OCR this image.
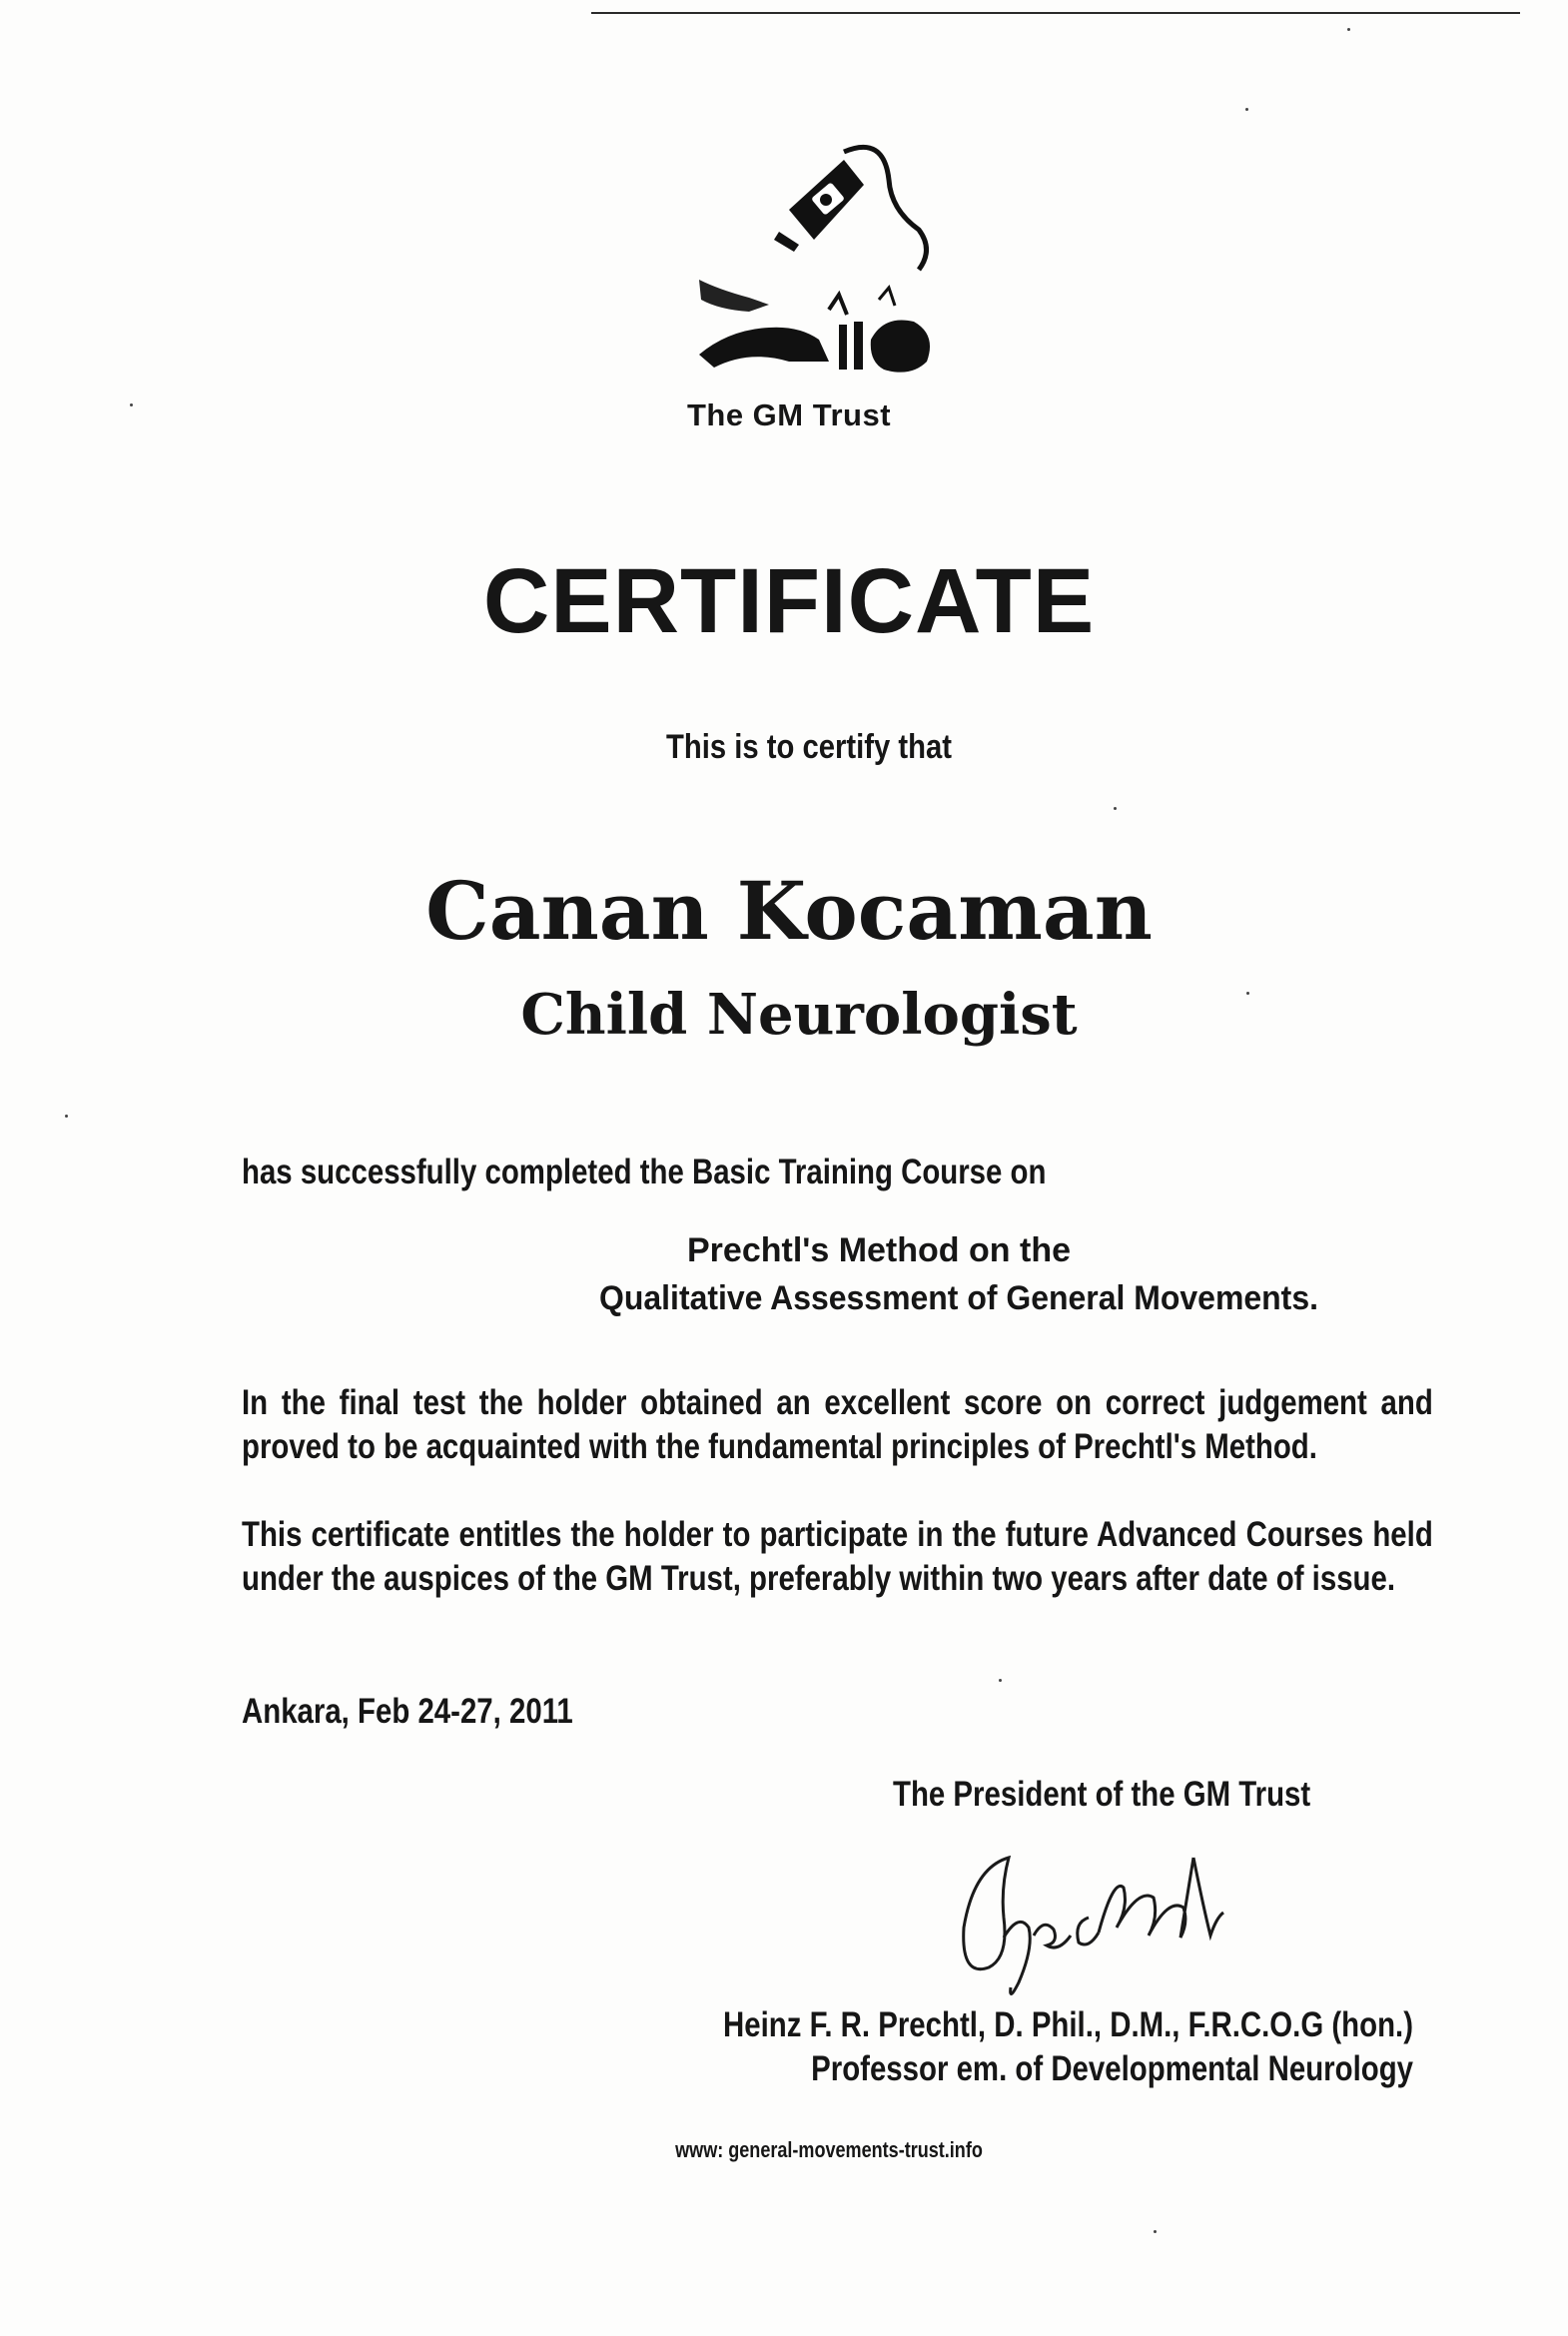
The GM Trust
CERTIFICATE
This is to certify that
Canan Kocaman
Child Neurologist
has successfully completed the Basic Training Course on
Prechtl's Method on the
Qualitative Assessment of General Movements.
In the final test the holder obtained an excellent score on correct judgement and proved to be acquainted with the fundamental principles of Prechtl's Method.
This certificate entitles the holder to participate in the future Advanced Courses held under the auspices of the GM Trust, preferably within two years after date of issue.
Ankara, Feb 24-27, 2011
The President of the GM Trust
Heinz F. R. Prechtl, D. Phil., D.M., F.R.C.O.G (hon.)
Professor em. of Developmental Neurology
www: general-movements-trust.info
